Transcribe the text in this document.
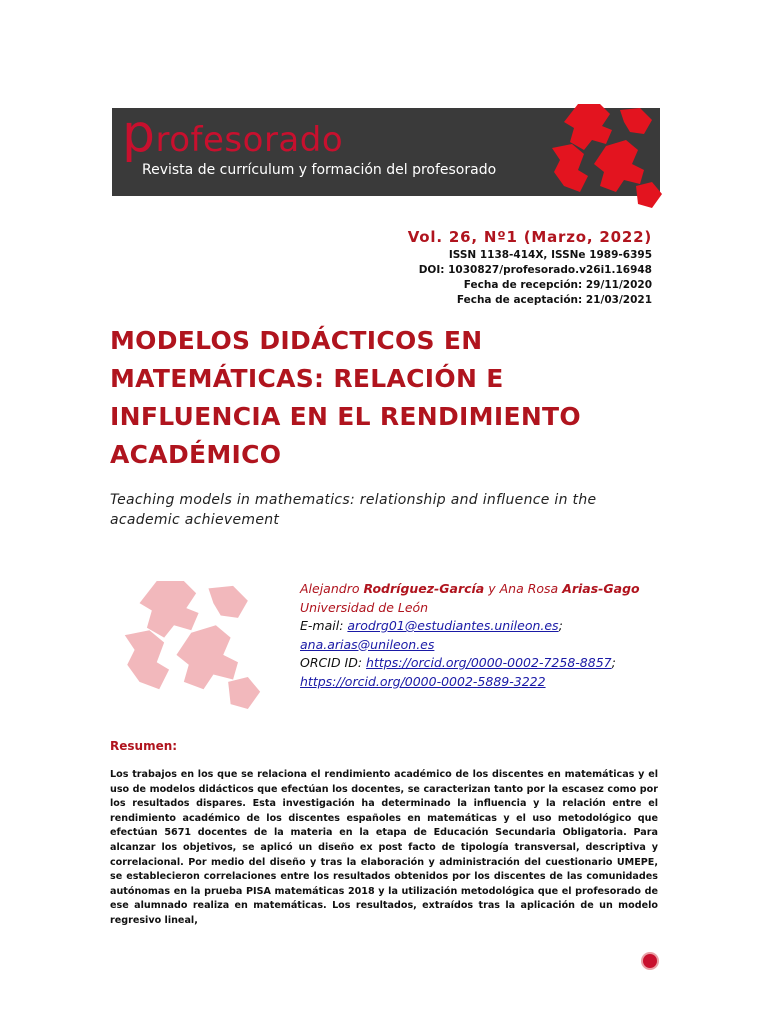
profesorado
Revista de currículum y formación del profesorado
Vol. 26, Nº1 (Marzo, 2022)
ISSN 1138-414X, ISSNe 1989-6395
DOI: 1030827/profesorado.v26i1.16948
Fecha de recepción: 29/11/2020
Fecha de aceptación: 21/03/2021
MODELOS DIDÁCTICOS EN MATEMÁTICAS: RELACIÓN E INFLUENCIA EN EL RENDIMIENTO ACADÉMICO
Teaching models in mathematics: relationship and influence in the academic achievement
Alejandro Rodríguez-García y Ana Rosa Arias-Gago
Universidad de León
E-mail: arodrg01@estudiantes.unileon.es;
ana.arias@unileon.es
ORCID ID: https://orcid.org/0000-0002-7258-8857;
https://orcid.org/0000-0002-5889-3222
Resumen:
Los trabajos en los que se relaciona el rendimiento académico de los discentes en matemáticas y el uso de modelos didácticos que efectúan los docentes, se caracterizan tanto por la escasez como por los resultados dispares. Esta investigación ha determinado la influencia y la relación entre el rendimiento académico de los discentes españoles en matemáticas y el uso metodológico que efectúan 5671 docentes de la materia en la etapa de Educación Secundaria Obligatoria. Para alcanzar los objetivos, se aplicó un diseño ex post facto de tipología transversal, descriptiva y correlacional. Por medio del diseño y tras la elaboración y administración del cuestionario UMEPE, se establecieron correlaciones entre los resultados obtenidos por los discentes de las comunidades autónomas en la prueba PISA matemáticas 2018 y la utilización metodológica que el profesorado de ese alumnado realiza en matemáticas. Los resultados, extraídos tras la aplicación de un modelo regresivo lineal,
